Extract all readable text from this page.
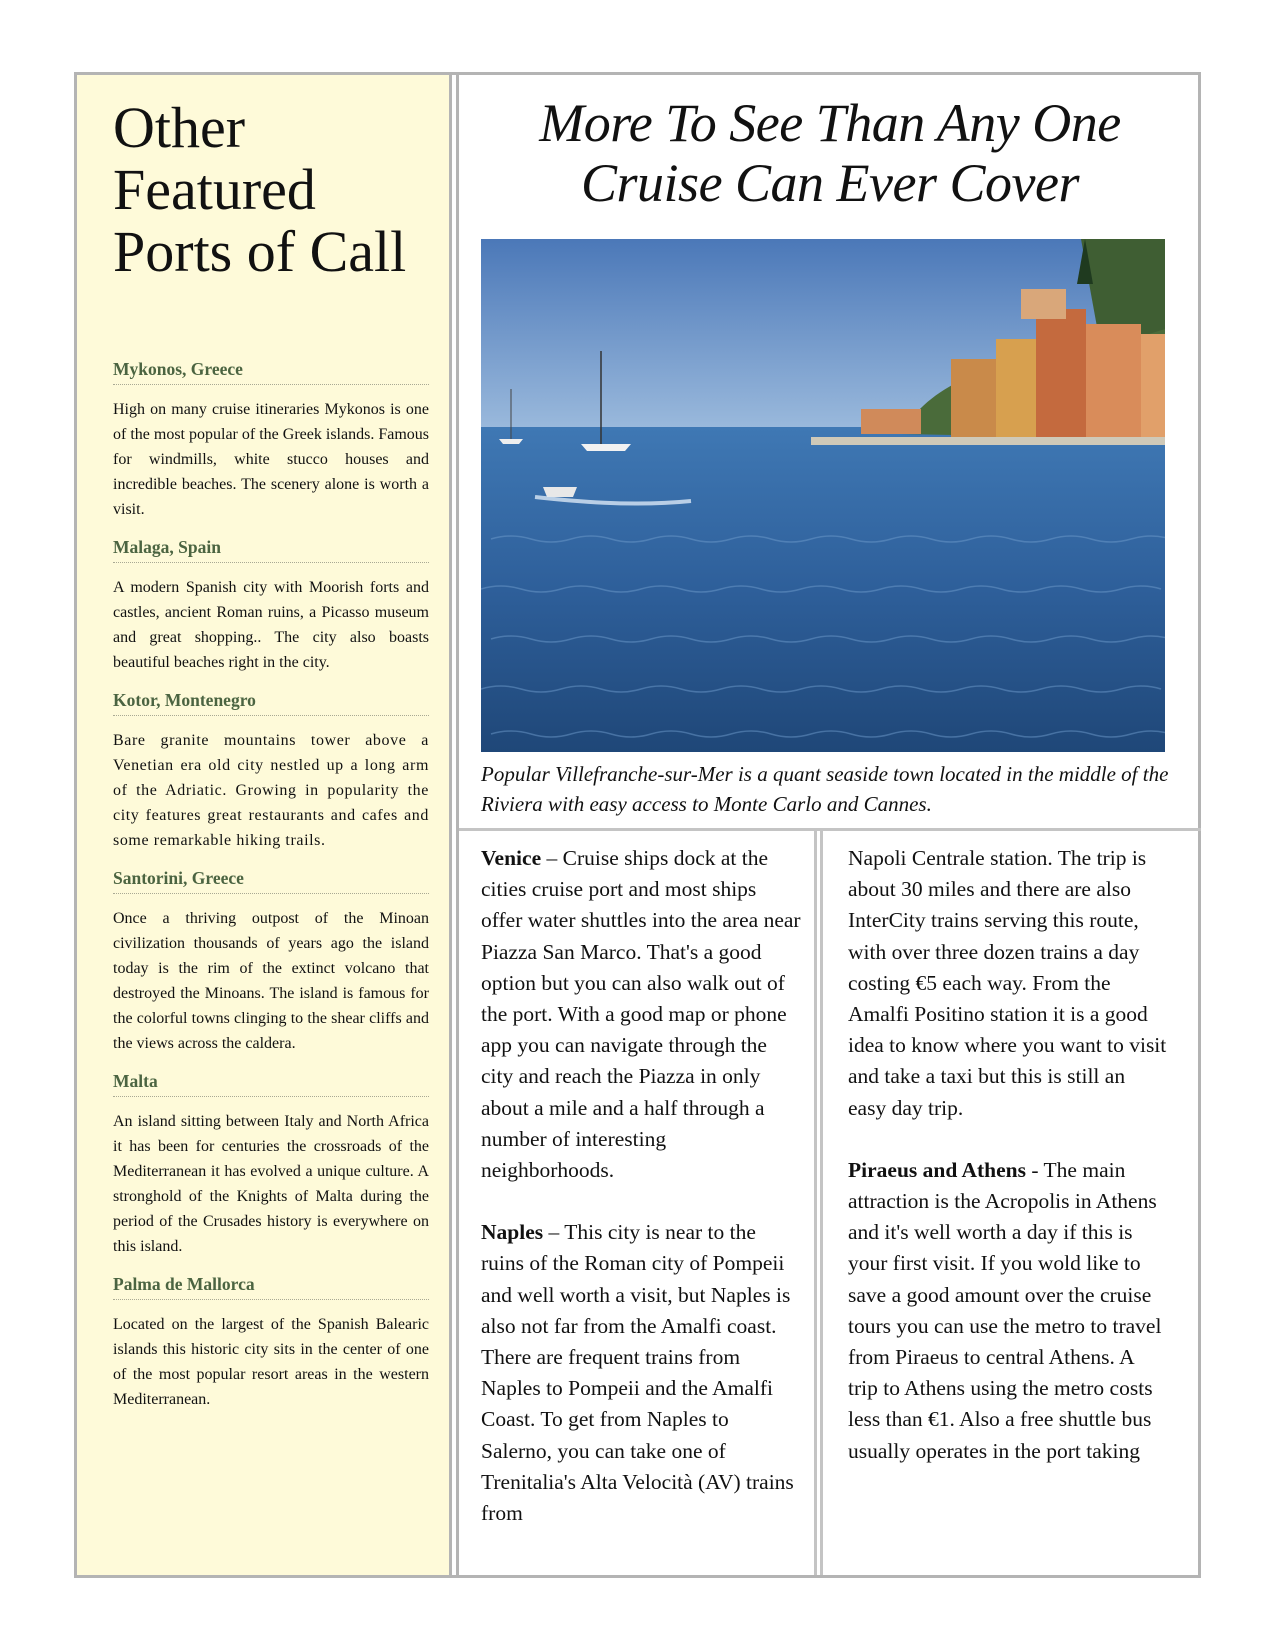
Other Featured Ports of Call
Mykonos, Greece

High on many cruise itineraries Mykonos is one of the most popular of the Greek islands. Famous for windmills, white stucco houses and incredible beaches. The scenery alone is worth a visit.

Malaga, Spain

A modern Spanish city with Moorish forts and castles, ancient Roman ruins, a Picasso museum and great shopping.. The city also boasts beautiful beaches right in the city.

Kotor, Montenegro

Bare granite mountains tower above a Venetian era old city nestled up a long arm of the Adriatic. Growing in popularity the city features great restaurants and cafes and some remarkable hiking trails.

Santorini, Greece

Once a thriving outpost of the Minoan civilization thousands of years ago the island today is the rim of the extinct volcano that destroyed the Minoans. The island is famous for the colorful towns clinging to the shear cliffs and the views across the caldera.

Malta

An island sitting between Italy and North Africa it has been for centuries the crossroads of the Mediterranean it has evolved a unique culture. A stronghold of the Knights of Malta during the period of the Crusades history is everywhere on this island.

Palma de Mallorca

Located on the largest of the Spanish Balearic islands this historic city sits in the center of one of the most popular resort areas in the western Mediterranean.

More To See Than Any One
Cruise Can Ever Cover

Popular Villefranche-sur-Mer is a quant seaside town located in the middle of the Riviera with easy access to Monte Carlo and Cannes.

Venice – Cruise ships dock at the cities cruise port and most ships offer water shuttles into the area near Piazza San Marco. That's a good option but you can also walk out of the port. With a good map or phone app you can navigate through the city and reach the Piazza in only about a mile and a half through a number of interesting neighborhoods.

Naples – This city is near to the ruins of the Roman city of Pompeii and well worth a visit, but Naples is also not far from the Amalfi coast. There are frequent trains from Naples to Pompeii and the Amalfi Coast. To get from Naples to Salerno, you can take one of Trenitalia's Alta Velocità (AV) trains from

Napoli Centrale station. The trip is about 30 miles and there are also InterCity trains serving this route, with over three dozen trains a day costing €5 each way. From the Amalfi Positino station it is a good idea to know where you want to visit and take a taxi but this is still an easy day trip.

Piraeus and Athens - The main attraction is the Acropolis in Athens and it's well worth a day if this is your first visit. If you wold like to save a good amount over the cruise tours you can use the metro to travel from Piraeus to central Athens. A trip to Athens using the metro costs less than €1. Also a free shuttle bus usually operates in the port taking
